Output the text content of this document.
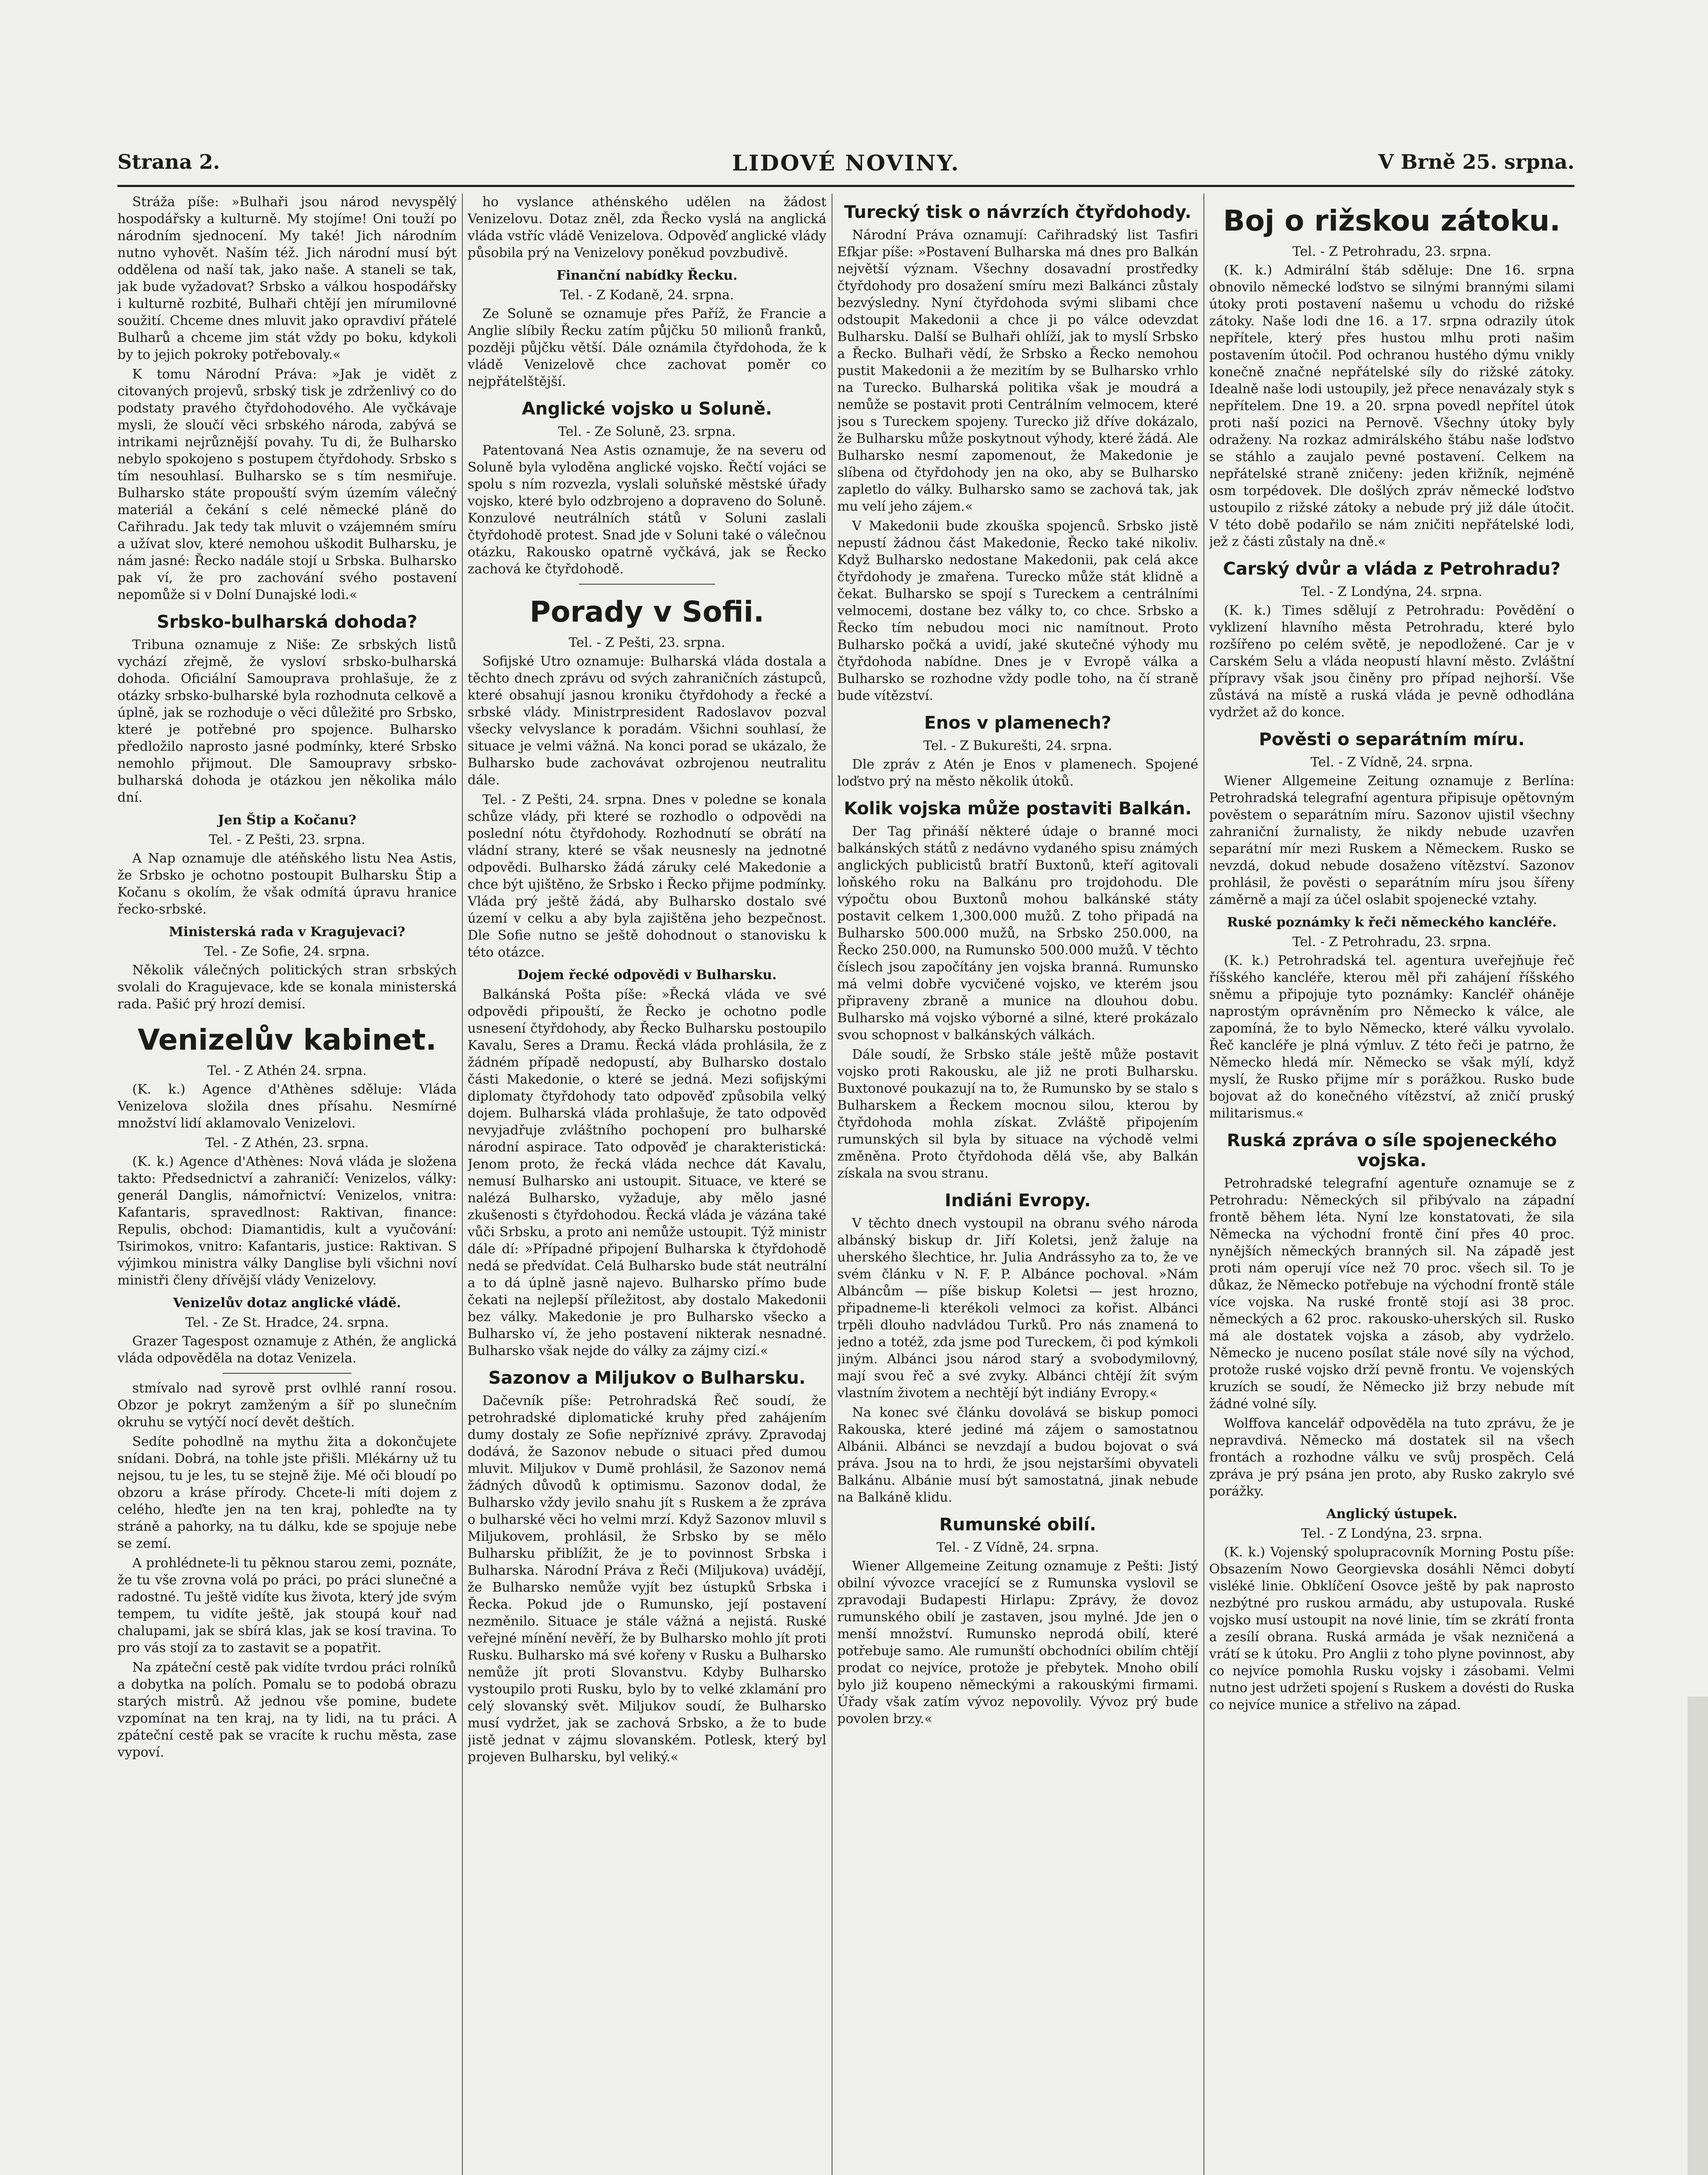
Strana 2.	LIDOVÉ NOVINY.	V Brně 25. srpna.

Stráža píše: »Bulhaři jsou národ nevyspělý hospodářsky a kulturně. My stojíme! Oni touží po národním sjednocení. My také! Jich národním nutno vyhovět. Naším též. Jich národní musí být oddělena od naší tak, jako naše. A staneli se tak, jak bude vyžadovat? Srbsko a válkou hospodářsky i kulturně rozbité, Bulhaři chtějí jen mírumilovné soužití. Chceme dnes mluvit jako opravdiví přátelé Bulharů a chceme jim stát vždy po boku, kdykoli by to jejich pokroky potřebovaly.«

K tomu Národní Práva: »Jak je vidět z citovaných projevů, srbský tisk je zdrženlivý co do podstaty pravého čtyřdohodového. Ale vyčkávaje mysli, že sloučí věci srbského národa, zabývá se intrikami nejrůznější povahy. Tu di, že Bulharsko nebylo spokojeno s postupem čtyřdohody. Srbsko s tím nesouhlasí. Bulharsko se s tím nesmiřuje. Bulharsko státe propouští svým územím válečný materiál a čekání s celé německé pláně do Cařihradu. Jak tedy tak mluvit o vzájemném smíru a užívat slov, které nemohou uškodit Bulharsku, je nám jasné: Řecko nadále stojí u Srbska. Bulharsko pak ví, že pro zachování svého postavení nepomůže si v Dolní Dunajské lodi.«

Srbsko-bulharská dohoda?

Tribuna oznamuje z Niše: Ze srbských listů vychází zřejmě, že vysloví srbsko-bulharská dohoda. Oficiální Samouprava prohlašuje, že z otázky srbsko-bulharské byla rozhodnuta celkově a úplně, jak se rozhoduje o věci důležité pro Srbsko, které je potřebné pro spojence. Bulharsko předložilo naprosto jasné podmínky, které Srbsko nemohlo přijmout. Dle Samoupravy srbsko-bulharská dohoda je otázkou jen několika málo dní.

Jen Štip a Kočanu?

Tel. - Z Pešti, 23. srpna.

A Nap oznamuje dle atéňského listu Nea Astis, že Srbsko je ochotno postoupit Bulharsku Štip a Kočanu s okolím, že však odmítá úpravu hranice řecko-srbské.

Ministerská rada v Kragujevaci?

Tel. - Ze Sofie, 24. srpna.

Několik válečných politických stran srbských svolali do Kragujevace, kde se konala ministerská rada. Pašić prý hrozí demisí.

Venizelův kabinet.

Tel. - Z Athén 24. srpna.

(K. k.) Agence d'Athènes sděluje: Vláda Venizelova složila dnes přísahu. Nesmírné množství lidí aklamovalo Venizelovi.

Tel. - Z Athén, 23. srpna.

(K. k.) Agence d'Athènes: Nová vláda je složena takto: Předsednictví a zahraničí: Venizelos, války: generál Danglis, námořnictví: Venizelos, vnitra: Kafantaris, spravedlnost: Raktivan, finance: Repulis, obchod: Diamantidis, kult a vyučování: Tsirimokos, vnitro: Kafantaris, justice: Raktivan. S výjimkou ministra války Danglise byli všichni noví ministři členy dřívější vlády Venizelovy.

Venizelův dotaz anglické vládě.

Tel. - Ze St. Hradce, 24. srpna.

Grazer Tagespost oznamuje z Athén, že anglická vláda odpověděla na dotaz Venizela.

stmívalo nad syrově prst ovlhlé ranní rosou. Obzor je pokryt zamženým a šíř po slunečním okruhu se vytýčí nocí devět deštích.

Sedíte pohodlně na mythu žita a dokončujete snídani. Dobrá, na tohle jste přišli. Mlékárny už tu nejsou, tu je les, tu se stejně žije. Mé oči bloudí po obzoru a kráse přírody. Chcete-li míti dojem z celého, hleďte jen na ten kraj, pohleďte na ty stráně a pahorky, na tu dálku, kde se spojuje nebe se zemí.

A prohlédnete-li tu pěknou starou zemi, poznáte, že tu vše zrovna volá po práci, po práci slunečné a radostné. Tu ještě vidíte kus života, který jde svým tempem, tu vidíte ještě, jak stoupá kouř nad chalupami, jak se sbírá klas, jak se kosí travina. To pro vás stojí za to zastavit se a popatřit.

Na zpáteční cestě pak vidíte tvrdou práci rolníků a dobytka na polích. Pomalu se to podobá obrazu starých mistrů. Až jednou vše pomine, budete vzpomínat na ten kraj, na ty lidi, na tu práci. A zpáteční cestě pak se vracíte k ruchu města, zase vypoví.

ho vyslance athénského udělen na žádost Venizelovu. Dotaz zněl, zda Řecko vyslá na anglická vláda vstříc vládě Venizelova. Odpověď anglické vlády působila prý na Venizelovy poněkud povzbudivě.

Finanční nabídky Řecku.

Tel. - Z Kodaně, 24. srpna.

Ze Soluně se oznamuje přes Paříž, že Francie a Anglie slíbily Řecku zatím půjčku 50 milionů franků, později půjčku větší. Dále oznámila čtyřdohoda, že k vládě Venizelově chce zachovat poměr co nejpřátelštější.

Anglické vojsko u Soluně.

Tel. - Ze Soluně, 23. srpna.

Patentovaná Nea Astis oznamuje, že na severu od Soluně byla vyloděna anglické vojsko. Řečtí vojáci se spolu s ním rozvezla, vyslali soluňské městské úřady vojsko, které bylo odzbrojeno a dopraveno do Soluně. Konzulové neutrálních států v Soluni zaslali čtyřdohodě protest. Snad jde v Soluni také o válečnou otázku, Rakousko opatrně vyčkává, jak se Řecko zachová ke čtyřdohodě.

Porady v Sofii.

Tel. - Z Pešti, 23. srpna.

Sofijské Utro oznamuje: Bulharská vláda dostala a těchto dnech zprávu od svých zahraničních zástupců, které obsahují jasnou kroniku čtyřdohody a řecké a srbské vlády. Ministrpresident Radoslavov pozval všecky velvyslance k poradám. Všichni souhlasí, že situace je velmi vážná. Na konci porad se ukázalo, že Bulharsko bude zachovávat ozbrojenou neutralitu dále.

Tel. - Z Pešti, 24. srpna. Dnes v poledne se konala schůze vlády, při které se rozhodlo o odpovědi na poslední nótu čtyřdohody. Rozhodnutí se obrátí na vládní strany, které se však neusnesly na jednotné odpovědi. Bulharsko žádá záruky celé Makedonie a chce být ujištěno, že Srbsko i Řecko přijme podmínky. Vláda prý ještě žádá, aby Bulharsko dostalo své území v celku a aby byla zajištěna jeho bezpečnost. Dle Sofie nutno se ještě dohodnout o stanovisku k této otázce.

Dojem řecké odpovědi v Bulharsku.

Balkánská Pošta píše: »Řecká vláda ve své odpovědi připouští, že Řecko je ochotno podle usnesení čtyřdohody, aby Řecko Bulharsku postoupilo Kavalu, Seres a Dramu. Řecká vláda prohlásila, že z žádném případě nedopustí, aby Bulharsko dostalo části Makedonie, o které se jedná. Mezi sofijskými diplomaty čtyřdohody tato odpověď způsobila velký dojem. Bulharská vláda prohlašuje, že tato odpověď nevyjadřuje zvláštního pochopení pro bulharské národní aspirace. Tato odpověď je charakteristická: Jenom proto, že řecká vláda nechce dát Kavalu, nemusí Bulharsko ani ustoupit. Situace, ve které se nalézá Bulharsko, vyžaduje, aby mělo jasné zkušenosti s čtyřdohodou. Řecká vláda je vázána také vůči Srbsku, a proto ani nemůže ustoupit. Týž ministr dále dí: »Případné připojení Bulharska k čtyřdohodě nedá se předvídat. Celá Bulharsko bude stát neutrální a to dá úplně jasně najevo. Bulharsko přímo bude čekati na nejlepší příležitost, aby dostalo Makedonii bez války. Makedonie je pro Bulharsko všecko a Bulharsko ví, že jeho postavení nikterak nesnadné. Bulharsko však nejde do války za zájmy cizí.«

Sazonov a Miljukov o Bulharsku.

Dačevník píše: Petrohradská Řeč soudí, že petrohradské diplomatické kruhy před zahájením dumy dostaly ze Sofie nepříznivé zprávy. Zpravodaj dodává, že Sazonov nebude o situaci před dumou mluvit. Miljukov v Dumě prohlásil, že Sazonov nemá žádných důvodů k optimismu. Sazonov dodal, že Bulharsko vždy jevilo snahu jít s Ruskem a že zpráva o bulharské věci ho velmi mrzí. Když Sazonov mluvil s Miljukovem, prohlásil, že Srbsko by se mělo Bulharsku přiblížit, že je to povinnost Srbska i Bulharska. Národní Práva z Řeči (Miljukova) uvádějí, že Bulharsko nemůže vyjít bez ústupků Srbska i Řecka. Pokud jde o Rumunsko, její postavení nezměnilo. Situace je stále vážná a nejistá. Ruské veřejné mínění nevěří, že by Bulharsko mohlo jít proti Rusku. Bulharsko má své kořeny v Rusku a Bulharsko nemůže jít proti Slovanstvu. Kdyby Bulharsko vystoupilo proti Rusku, bylo by to velké zklamání pro celý slovanský svět. Miljukov soudí, že Bulharsko musí vydržet, jak se zachová Srbsko, a že to bude jistě jednat v zájmu slovanském. Potlesk, který byl projeven Bulharsku, byl veliký.«

Turecký tisk o návrzích čtyřdohody.

Národní Práva oznamují: Cařihradský list Tasfiri Efkjar píše: »Postavení Bulharska má dnes pro Balkán největší význam. Všechny dosavadní prostředky čtyřdohody pro dosažení smíru mezi Balkánci zůstaly bezvýsledny. Nyní čtyřdohoda svými slibami chce odstoupit Makedonii a chce ji po válce odevzdat Bulharsku. Další se Bulhaři ohlíží, jak to myslí Srbsko a Řecko. Bulhaři vědí, že Srbsko a Řecko nemohou pustit Makedonii a že mezitím by se Bulharsko vrhlo na Turecko. Bulharská politika však je moudrá a nemůže se postavit proti Centrálním velmocem, které jsou s Tureckem spojeny. Turecko již dříve dokázalo, že Bulharsku může poskytnout výhody, které žádá. Ale Bulharsko nesmí zapomenout, že Makedonie je slíbena od čtyřdohody jen na oko, aby se Bulharsko zapletlo do války. Bulharsko samo se zachová tak, jak mu velí jeho zájem.«

V Makedonii bude zkouška spojenců. Srbsko jistě nepustí žádnou část Makedonie, Řecko také nikoliv. Když Bulharsko nedostane Makedonii, pak celá akce čtyřdohody je zmařena. Turecko může stát klidně a čekat. Bulharsko se spojí s Tureckem a centrálními velmocemi, dostane bez války to, co chce. Srbsko a Řecko tím nebudou moci nic namítnout. Proto Bulharsko počká a uvidí, jaké skutečné výhody mu čtyřdohoda nabídne. Dnes je v Evropě válka a Bulharsko se rozhodne vždy podle toho, na čí straně bude vítězství.

Enos v plamenech?

Tel. - Z Bukurešti, 24. srpna.

Dle zpráv z Atén je Enos v plamenech. Spojené loďstvo prý na město několik útoků.

Kolik vojska může postaviti Balkán.

Der Tag přináší některé údaje o branné moci balkánských států z nedávno vydaného spisu známých anglických publicistů bratří Buxtonů, kteří agitovali loňského roku na Balkánu pro trojdohodu. Dle výpočtu obou Buxtonů mohou balkánské státy postavit celkem 1,300.000 mužů. Z toho připadá na Bulharsko 500.000 mužů, na Srbsko 250.000, na Řecko 250.000, na Rumunsko 500.000 mužů. V těchto číslech jsou započítány jen vojska branná. Rumunsko má velmi dobře vycvičené vojsko, ve kterém jsou připraveny zbraně a munice na dlouhou dobu. Bulharsko má vojsko výborné a silné, které prokázalo svou schopnost v balkánských válkách.

Dále soudí, že Srbsko stále ještě může postavit vojsko proti Rakousku, ale již ne proti Bulharsku. Buxtonové poukazují na to, že Rumunsko by se stalo s Bulharskem a Řeckem mocnou silou, kterou by čtyřdohoda mohla získat. Zvláště připojením rumunských sil byla by situace na východě velmi změněna. Proto čtyřdohoda dělá vše, aby Balkán získala na svou stranu.

Indiáni Evropy.

V těchto dnech vystoupil na obranu svého národa albánský biskup dr. Jiří Koletsi, jenž žaluje na uherského šlechtice, hr. Julia Andrássyho za to, že ve svém článku v N. F. P. Albánce pochoval. »Nám Albáncům — píše biskup Koletsi — jest hrozno, připadneme-li kterékoli velmoci za kořist. Albánci trpěli dlouho nadvládou Turků. Pro nás znamená to jedno a totéž, zda jsme pod Tureckem, či pod kýmkoli jiným. Albánci jsou národ starý a svobodymilovný, mají svou řeč a své zvyky. Albánci chtějí žít svým vlastním životem a nechtějí být indiány Evropy.«

Na konec své článku dovolává se biskup pomoci Rakouska, které jediné má zájem o samostatnou Albánii. Albánci se nevzdají a budou bojovat o svá práva. Jsou na to hrdi, že jsou nejstaršími obyvateli Balkánu. Albánie musí být samostatná, jinak nebude na Balkáně klidu.

Rumunské obilí.

Tel. - Z Vídně, 24. srpna.

Wiener Allgemeine Zeitung oznamuje z Pešti: Jistý obilní vývozce vracející se z Rumunska vyslovil se zpravodaji Budapesti Hirlapu: Zprávy, že dovoz rumunského obilí je zastaven, jsou mylné. Jde jen o menší množství. Rumunsko neprodá obilí, které potřebuje samo. Ale rumunští obchodníci obilím chtějí prodat co nejvíce, protože je přebytek. Mnoho obilí bylo již koupeno německými a rakouskými firmami. Úřady však zatím vývoz nepovolily. Vývoz prý bude povolen brzy.«

Boj o rižskou zátoku.

Tel. - Z Petrohradu, 23. srpna.

(K. k.) Admirální štáb sděluje: Dne 16. srpna obnovilo německé loďstvo se silnými brannými silami útoky proti postavení našemu u vchodu do rižské zátoky. Naše lodi dne 16. a 17. srpna odrazily útok nepřítele, který přes hustou mlhu proti našim postavením útočil. Pod ochranou hustého dýmu vnikly konečně značné nepřátelské síly do rižské zátoky. Idealně naše lodi ustoupily, jež přece nenavázaly styk s nepřítelem. Dne 19. a 20. srpna povedl nepřítel útok proti naší pozici na Pernově. Všechny útoky byly odraženy. Na rozkaz admirálského štábu naše loďstvo se stáhlo a zaujalo pevné postavení. Celkem na nepřátelské straně zničeny: jeden křižník, nejméně osm torpédovek. Dle došlých zpráv německé loďstvo ustoupilo z rižské zátoky a nebude prý již dále útočit. V této době podařilo se nám zničiti nepřátelské lodi, jež z části zůstaly na dně.«

Carský dvůr a vláda z Petrohradu?

Tel. - Z Londýna, 24. srpna.

(K. k.) Times sdělují z Petrohradu: Povědění o vyklizení hlavního města Petrohradu, které bylo rozšířeno po celém světě, je nepodložené. Car je v Carském Selu a vláda neopustí hlavní město. Zvláštní přípravy však jsou činěny pro případ nejhorší. Vše zůstává na místě a ruská vláda je pevně odhodlána vydržet až do konce.

Pověsti o separátním míru.

Tel. - Z Vídně, 24. srpna.

Wiener Allgemeine Zeitung oznamuje z Berlína: Petrohradská telegrafní agentura připisuje opětovným pověstem o separátním míru. Sazonov ujistil všechny zahraniční žurnalisty, že nikdy nebude uzavřen separátní mír mezi Ruskem a Německem. Rusko se nevzdá, dokud nebude dosaženo vítězství. Sazonov prohlásil, že pověsti o separátním míru jsou šířeny záměrně a mají za účel oslabit spojenecké vztahy.

Ruské poznámky k řeči německého kancléře.

Tel. - Z Petrohradu, 23. srpna.

(K. k.) Petrohradská tel. agentura uveřejňuje řeč říšského kancléře, kterou měl při zahájení říšského sněmu a připojuje tyto poznámky: Kancléř oháněje naprostým oprávněním pro Německo k válce, ale zapomíná, že to bylo Německo, které válku vyvolalo. Řeč kancléře je plná výmluv. Z této řeči je patrno, že Německo hledá mír. Německo se však mýlí, když myslí, že Rusko přijme mír s porážkou. Rusko bude bojovat až do konečného vítězství, až zničí pruský militarismus.«

Ruská zpráva o síle spojeneckého vojska.

Petrohradské telegrafní agentuře oznamuje se z Petrohradu: Německých sil přibývalo na západní frontě během léta. Nyní lze konstatovati, že sila Německa na východní frontě činí přes 40 proc. nynějších německých branných sil. Na západě jest proti nám operují více než 70 proc. všech sil. To je důkaz, že Německo potřebuje na východní frontě stále více vojska. Na ruské frontě stojí asi 38 proc. německých a 62 proc. rakousko-uherských sil. Rusko má ale dostatek vojska a zásob, aby vydrželo. Německo je nuceno posílat stále nové síly na východ, protože ruské vojsko drží pevně frontu. Ve vojenských kruzích se soudí, že Německo již brzy nebude mít žádné volné síly.

Wolffova kancelář odpověděla na tuto zprávu, že je nepravdivá. Německo má dostatek sil na všech frontách a rozhodne válku ve svůj prospěch. Celá zpráva je prý psána jen proto, aby Rusko zakrylo své porážky.

Anglický ústupek.

Tel. - Z Londýna, 23. srpna.

(K. k.) Vojenský spolupracovník Morning Postu píše: Obsazením Nowo Georgievska dosáhli Němci dobytí visléké linie. Obklíčení Osovce ještě by pak naprosto nezbýtné pro ruskou armádu, aby ustupovala. Ruské vojsko musí ustoupit na nové linie, tím se zkrátí fronta a zesílí obrana. Ruská armáda je však nezničená a vrátí se k útoku. Pro Anglii z toho plyne povinnost, aby co nejvíce pomohla Rusku vojsky i zásobami. Velmi nutno jest udržeti spojení s Ruskem a dovésti do Ruska co nejvíce munice a střelivo na západ.
